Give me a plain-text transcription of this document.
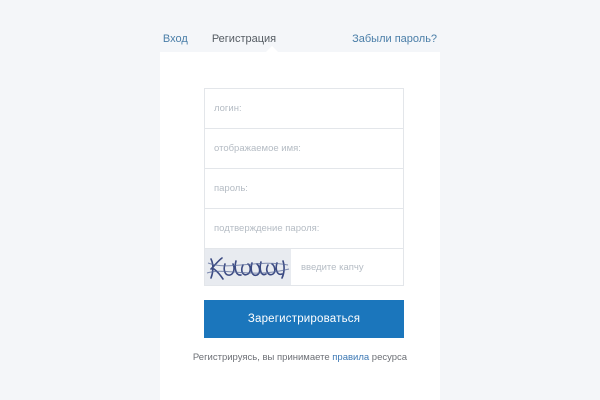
Вход	Регистрация	Забыли пароль?
логин:
отображаемое имя:
пароль:
подтверждение пароля:
введите капчу
Зарегистрироваться
Регистрируясь, вы принимаете правила ресурса
